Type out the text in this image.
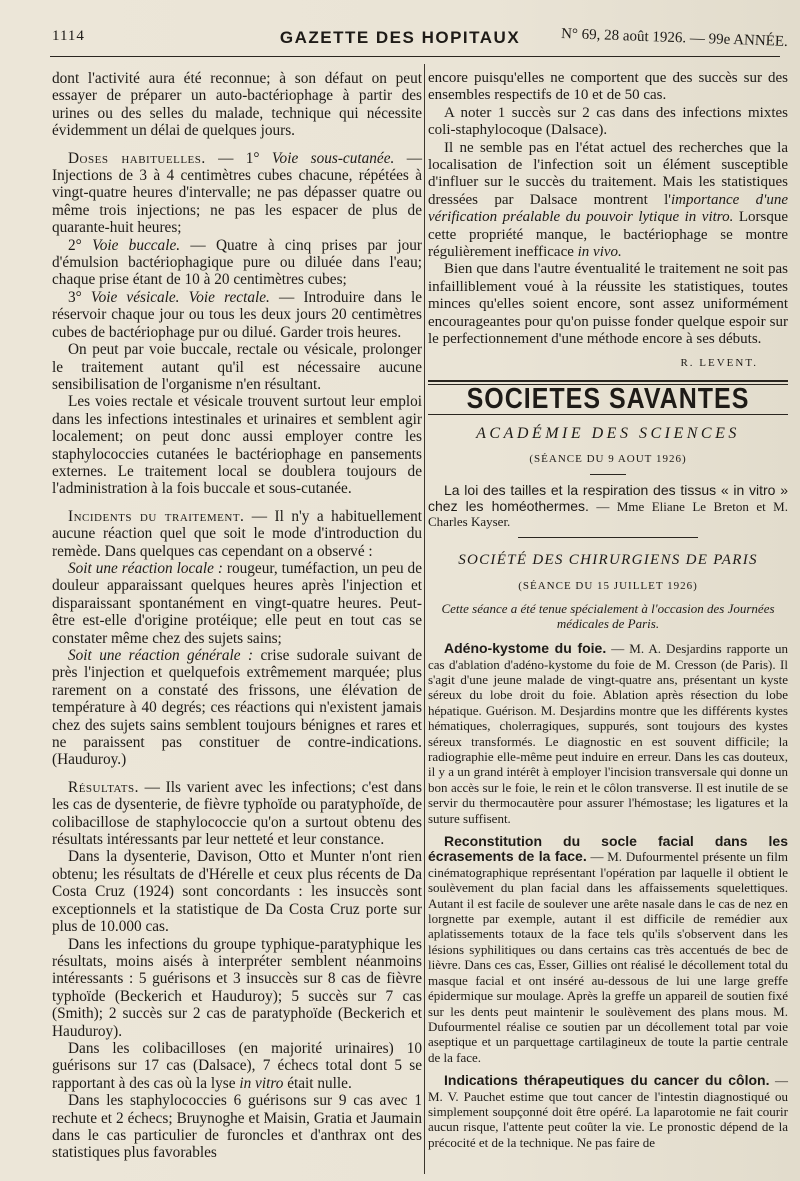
1114	GAZETTE DES HOPITAUX	N° 69, 28 août 1926. — 99e ANNÉE.

dont l'activité aura été reconnue; à son défaut on peut essayer de préparer un auto-bactériophage à partir des urines ou des selles du malade, technique qui nécessite évidemment un délai de quelques jours.

Doses habituelles. — 1° Voie sous-cutanée. — Injections de 3 à 4 centimètres cubes chacune, répétées à vingt-quatre heures d'intervalle; ne pas dépasser quatre ou même trois injections; ne pas les espacer de plus de quarante-huit heures;

2° Voie buccale. — Quatre à cinq prises par jour d'émulsion bactériophagique pure ou diluée dans l'eau; chaque prise étant de 10 à 20 centimètres cubes;

3° Voie vésicale. Voie rectale. — Introduire dans le réservoir chaque jour ou tous les deux jours 20 centimètres cubes de bactériophage pur ou dilué. Garder trois heures.

On peut par voie buccale, rectale ou vésicale, prolonger le traitement autant qu'il est nécessaire aucune sensibilisation de l'organisme n'en résultant.

Les voies rectale et vésicale trouvent surtout leur emploi dans les infections intestinales et urinaires et semblent agir localement; on peut donc aussi employer contre les staphylococcies cutanées le bactériophage en pansements externes. Le traitement local se doublera toujours de l'administration à la fois buccale et sous-cutanée.

Incidents du traitement. — Il n'y a habituellement aucune réaction quel que soit le mode d'introduction du remède. Dans quelques cas cependant on a observé :

Soit une réaction locale : rougeur, tuméfaction, un peu de douleur apparaissant quelques heures après l'injection et disparaissant spontanément en vingt-quatre heures. Peut-être est-elle d'origine protéique; elle peut en tout cas se constater même chez des sujets sains;

Soit une réaction générale : crise sudorale suivant de près l'injection et quelquefois extrêmement marquée; plus rarement on a constaté des frissons, une élévation de température à 40 degrés; ces réactions qui n'existent jamais chez des sujets sains semblent toujours bénignes et rares et ne paraissent pas constituer de contre-indications. (Hauduroy.)

Résultats. — Ils varient avec les infections; c'est dans les cas de dysenterie, de fièvre typhoïde ou paratyphoïde, de colibacillose de staphylococcie qu'on a surtout obtenu des résultats intéressants par leur netteté et leur constance.

Dans la dysenterie, Davison, Otto et Munter n'ont rien obtenu; les résultats de d'Hérelle et ceux plus récents de Da Costa Cruz (1924) sont concordants : les insuccès sont exceptionnels et la statistique de Da Costa Cruz porte sur plus de 10.000 cas.

Dans les infections du groupe typhique-paratyphique les résultats, moins aisés à interpréter semblent néanmoins intéressants : 5 guérisons et 3 insuccès sur 8 cas de fièvre typhoïde (Beckerich et Hauduroy); 5 succès sur 7 cas (Smith); 2 succès sur 2 cas de paratyphoïde (Beckerich et Hauduroy).

Dans les colibacilloses (en majorité urinaires) 10 guérisons sur 17 cas (Dalsace), 7 échecs total dont 5 se rapportant à des cas où la lyse in vitro était nulle.

Dans les staphylococcies 6 guérisons sur 9 cas avec 1 rechute et 2 échecs; Bruynoghe et Maisin, Gratia et Jaumain dans le cas particulier de furoncles et d'anthrax ont des statistiques plus favorables

encore puisqu'elles ne comportent que des succès sur des ensembles respectifs de 10 et de 50 cas.

A noter 1 succès sur 2 cas dans des infections mixtes coli-staphylocoque (Dalsace).

Il ne semble pas en l'état actuel des recherches que la localisation de l'infection soit un élément susceptible d'influer sur le succès du traitement. Mais les statistiques dressées par Dalsace montrent l'importance d'une vérification préalable du pouvoir lytique in vitro. Lorsque cette propriété manque, le bactériophage se montre régulièrement inefficace in vivo.

Bien que dans l'autre éventualité le traitement ne soit pas infailliblement voué à la réussite les statistiques, toutes minces qu'elles soient encore, sont assez uniformément encourageantes pour qu'on puisse fonder quelque espoir sur le perfectionnement d'une méthode encore à ses débuts.

R. LEVENT.
SOCIETES SAVANTES
ACADÉMIE DES SCIENCES
(SÉANCE DU 9 AOUT 1926)

La loi des tailles et la respiration des tissus « in vitro » chez les homéothermes. — Mme Eliane Le Breton et M. Charles Kayser.

SOCIÉTÉ DES CHIRURGIENS DE PARIS
(SÉANCE DU 15 JUILLET 1926)
Cette séance a été tenue spécialement à l'occasion des Journées médicales de Paris.

Adéno-kystome du foie. — M. A. Desjardins rapporte un cas d'ablation d'adéno-kystome du foie de M. Cresson (de Paris). Il s'agit d'une jeune malade de vingt-quatre ans, présentant un kyste séreux du lobe droit du foie. Ablation après résection du lobe hépatique. Guérison. M. Desjardins montre que les différents kystes hématiques, cholerragiques, suppurés, sont toujours des kystes séreux transformés. Le diagnostic en est souvent difficile; la radiographie elle-même peut induire en erreur. Dans les cas douteux, il y a un grand intérêt à employer l'incision transversale qui donne un bon accès sur le foie, le rein et le côlon transverse. Il est inutile de se servir du thermocautère pour assurer l'hémostase; les ligatures et la suture suffisent.

Reconstitution du socle facial dans les écrasements de la face. — M. Dufourmentel présente un film cinématographique représentant l'opération par laquelle il obtient le soulèvement du plan facial dans les affaissements squelettiques. Autant il est facile de soulever une arête nasale dans le cas de nez en lorgnette par exemple, autant il est difficile de remédier aux aplatissements totaux de la face tels qu'ils s'observent dans les lésions syphilitiques ou dans certains cas très accentués de bec de lièvre. Dans ces cas, Esser, Gillies ont réalisé le décollement total du masque facial et ont inséré au-dessous de lui une large greffe épidermique sur moulage. Après la greffe un appareil de soutien fixé sur les dents peut maintenir le soulèvement des plans mous. M. Dufourmentel réalise ce soutien par un décollement total par voie aseptique et un parquettage cartilagineux de toute la partie centrale de la face.

Indications thérapeutiques du cancer du côlon. — M. V. Pauchet estime que tout cancer de l'intestin diagnostiqué ou simplement soupçonné doit être opéré. La laparotomie ne fait courir aucun risque, l'attente peut coûter la vie. Le pronostic dépend de la précocité et de la technique. Ne pas faire de
